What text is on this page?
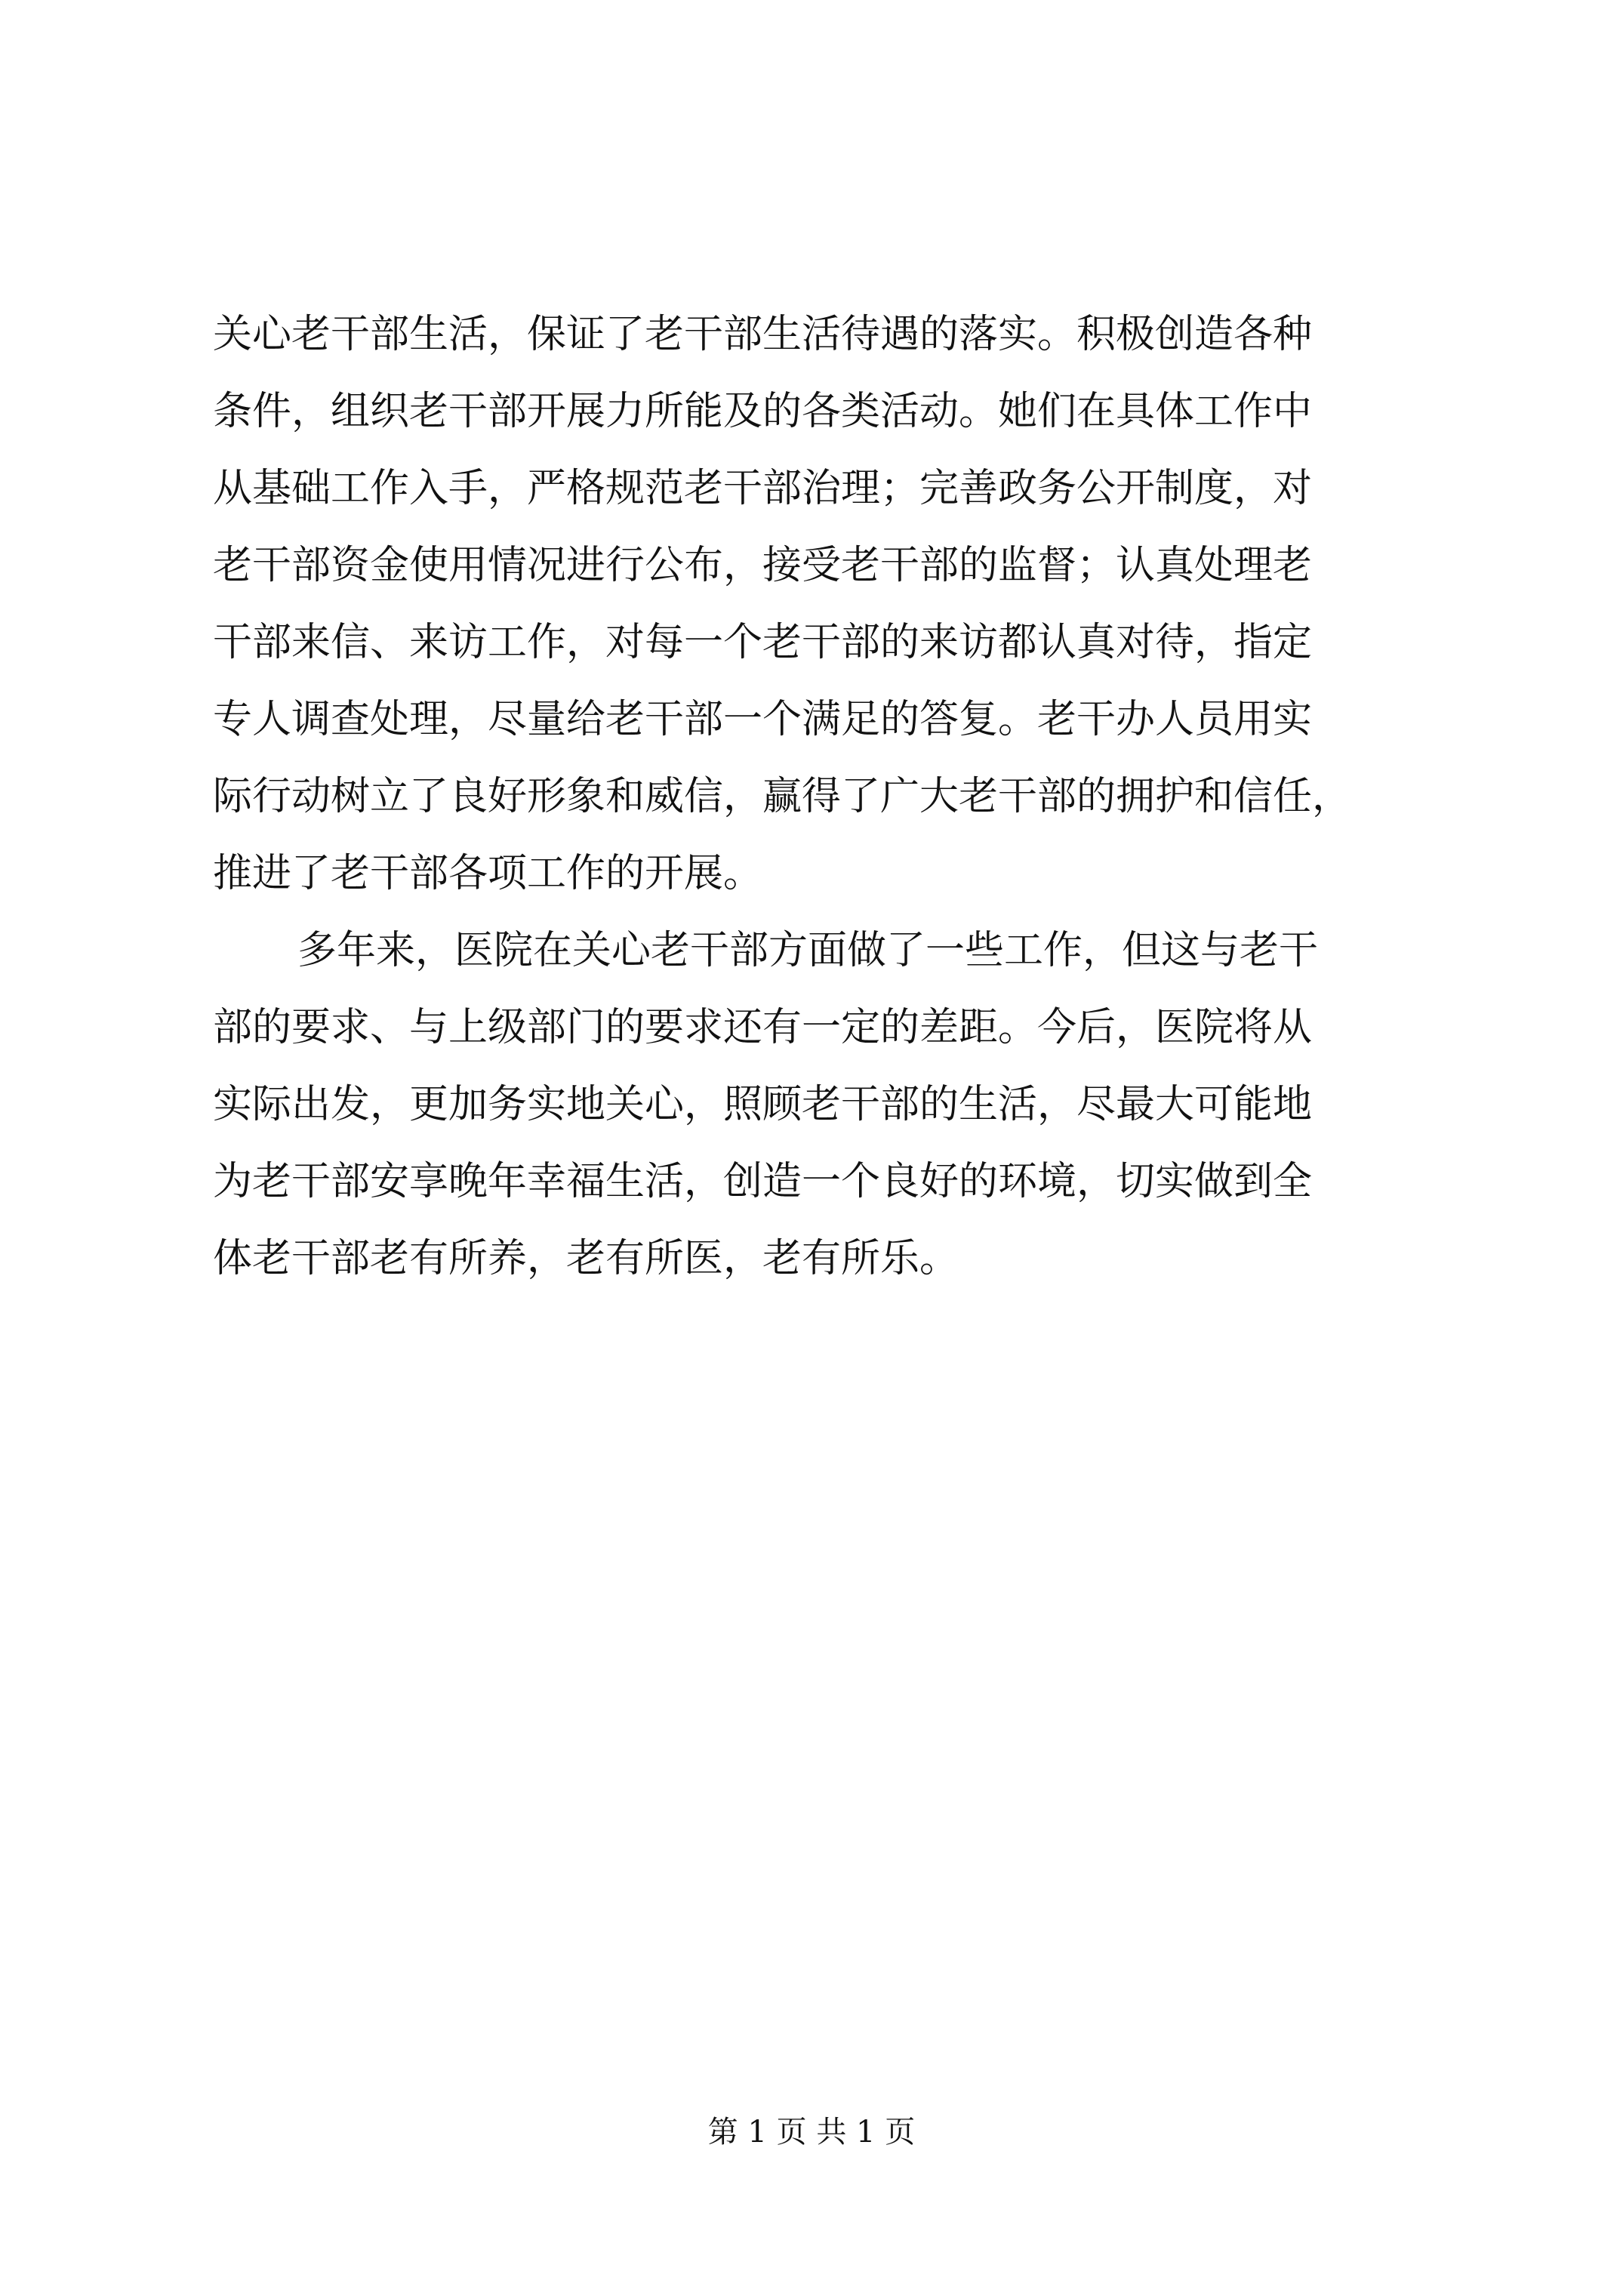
关心老干部生活，保证了老干部生活待遇的落实。积极创造各种
条件，组织老干部开展力所能及的各类活动。她们在具体工作中
从基础工作入手，严格规范老干部治理；完善政务公开制度，对
老干部资金使用情况进行公布，接受老干部的监督；认真处理老
干部来信、来访工作，对每一个老干部的来访都认真对待，指定
专人调查处理，尽量给老干部一个满足的答复。老干办人员用实
际行动树立了良好形象和威信，赢得了广大老干部的拥护和信任，
推进了老干部各项工作的开展。
多年来，医院在关心老干部方面做了一些工作，但这与老干
部的要求、与上级部门的要求还有一定的差距。今后，医院将从
实际出发，更加务实地关心，照顾老干部的生活，尽最大可能地
为老干部安享晚年幸福生活，创造一个良好的环境，切实做到全
体老干部老有所养，老有所医，老有所乐。
第 1 页 共 1 页
